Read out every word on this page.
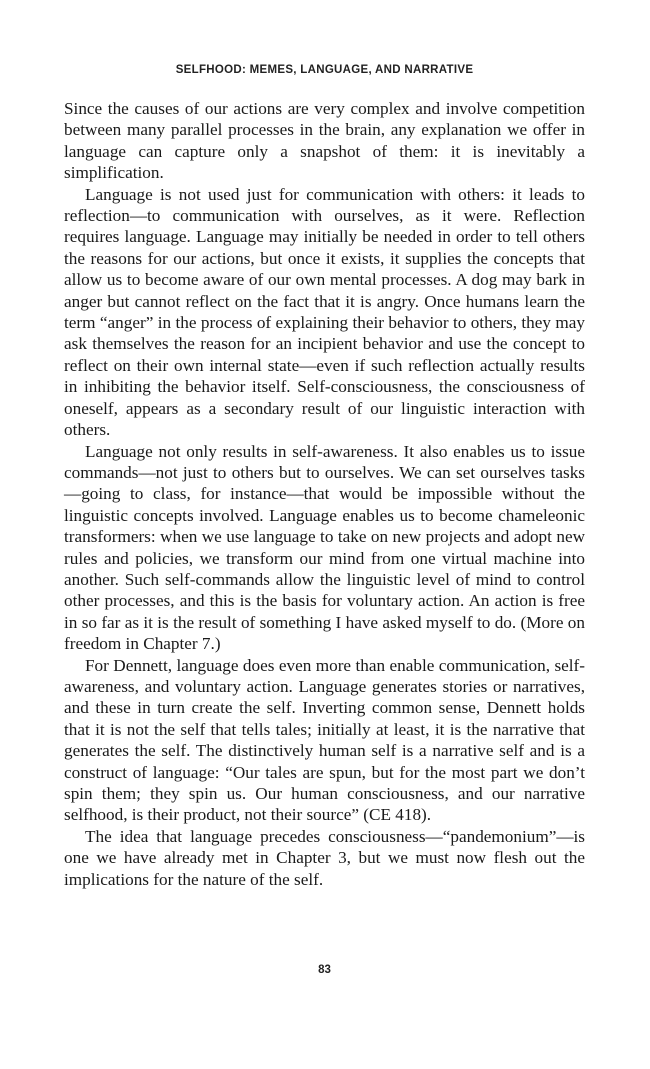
SELFHOOD: MEMES, LANGUAGE, AND NARRATIVE

Since the causes of our actions are very complex and involve competition between many parallel processes in the brain, any explanation we offer in language can capture only a snapshot of them: it is inevitably a simplification.

Language is not used just for communication with others: it leads to reflection—to communication with ourselves, as it were. Reflection requires language. Language may initially be needed in order to tell others the reasons for our actions, but once it exists, it supplies the concepts that allow us to become aware of our own mental processes. A dog may bark in anger but cannot reflect on the fact that it is angry. Once humans learn the term “anger” in the process of explaining their behavior to others, they may ask themselves the reason for an incipient behavior and use the concept to reflect on their own internal state—even if such reflection actually results in inhibiting the behavior itself. Self-consciousness, the consciousness of oneself, appears as a secondary result of our linguistic interaction with others.

Language not only results in self-awareness. It also enables us to issue commands—not just to others but to ourselves. We can set ourselves tasks—going to class, for instance—that would be impossible without the linguistic concepts involved. Language enables us to become chameleonic transformers: when we use language to take on new projects and adopt new rules and policies, we transform our mind from one virtual machine into another. Such self-commands allow the linguistic level of mind to control other processes, and this is the basis for voluntary action. An action is free in so far as it is the result of something I have asked myself to do. (More on freedom in Chapter 7.)

For Dennett, language does even more than enable communication, self-awareness, and voluntary action. Language generates stories or narratives, and these in turn create the self. Inverting common sense, Dennett holds that it is not the self that tells tales; initially at least, it is the narrative that generates the self. The distinctively human self is a narrative self and is a construct of language: “Our tales are spun, but for the most part we don’t spin them; they spin us. Our human consciousness, and our narrative selfhood, is their product, not their source” (CE 418).

The idea that language precedes consciousness—“pandemonium”—is one we have already met in Chapter 3, but we must now flesh out the implications for the nature of the self.

83
